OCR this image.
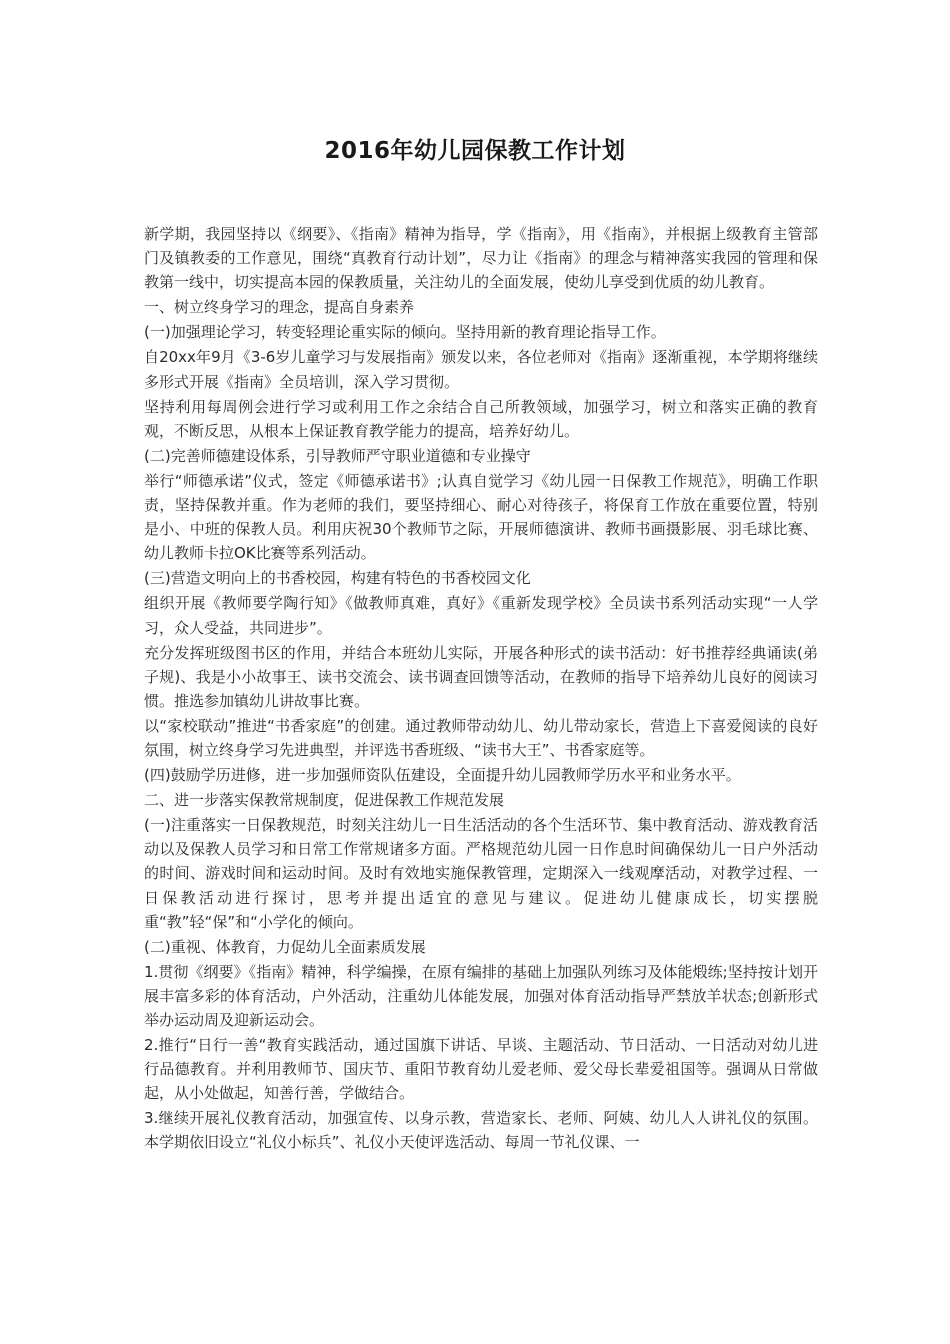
2016年幼儿园保教工作计划

新学期，我园坚持以《纲要》、《指南》精神为指导，学《指南》，用《指南》，并根据上级教育主管部门及镇教委的工作意见，围绕“真教育行动计划”，尽力让《指南》的理念与精神落实我园的管理和保教第一线中，切实提高本园的保教质量，关注幼儿的全面发展，使幼儿享受到优质的幼儿教育。

一、树立终身学习的理念，提高自身素养

(一)加强理论学习，转变轻理论重实际的倾向。坚持用新的教育理论指导工作。

自20xx年9月《3-6岁儿童学习与发展指南》颁发以来，各位老师对《指南》逐渐重视，本学期将继续多形式开展《指南》全员培训，深入学习贯彻。

坚持利用每周例会进行学习或利用工作之余结合自己所教领域，加强学习，树立和落实正确的教育观，不断反思，从根本上保证教育教学能力的提高，培养好幼儿。

(二)完善师德建设体系，引导教师严守职业道德和专业操守

举行“师德承诺”仪式，签定《师德承诺书》;认真自觉学习《幼儿园一日保教工作规范》，明确工作职责，坚持保教并重。作为老师的我们，要坚持细心、耐心对待孩子，将保育工作放在重要位置，特别是小、中班的保教人员。利用庆祝30个教师节之际，开展师德演讲、教师书画摄影展、羽毛球比赛、幼儿教师卡拉OK比赛等系列活动。

(三)营造文明向上的书香校园，构建有特色的书香校园文化

组织开展《教师要学陶行知》《做教师真难，真好》《重新发现学校》全员读书系列活动实现“一人学习，众人受益，共同进步”。

充分发挥班级图书区的作用，并结合本班幼儿实际，开展各种形式的读书活动：好书推荐经典诵读(弟子规)、我是小小故事王、读书交流会、读书调查回馈等活动，在教师的指导下培养幼儿良好的阅读习惯。推选参加镇幼儿讲故事比赛。

以“家校联动”推进“书香家庭”的创建。通过教师带动幼儿、幼儿带动家长，营造上下喜爱阅读的良好氛围，树立终身学习先进典型，并评选书香班级、“读书大王”、书香家庭等。

(四)鼓励学历进修，进一步加强师资队伍建设，全面提升幼儿园教师学历水平和业务水平。

二、进一步落实保教常规制度，促进保教工作规范发展

(一)注重落实一日保教规范，时刻关注幼儿一日生活活动的各个生活环节、集中教育活动、游戏教育活动以及保教人员学习和日常工作常规诸多方面。严格规范幼儿园一日作息时间确保幼儿一日户外活动的时间、游戏时间和运动时间。及时有效地实施保教管理，定期深入一线观摩活动，对教学过程、一日保教活动进行探讨，思考并提出适宜的意见与建议。促进幼儿健康成长，切实摆脱重“教”轻“保”和“小学化的倾向。

(二)重视、体教育，力促幼儿全面素质发展

1.贯彻《纲要》《指南》精神，科学编操，在原有编排的基础上加强队列练习及体能煅练;坚持按计划开展丰富多彩的体育活动，户外活动，注重幼儿体能发展，加强对体育活动指导严禁放羊状态;创新形式举办运动周及迎新运动会。

2.推行“日行一善“教育实践活动，通过国旗下讲话、早谈、主题活动、节日活动、一日活动对幼儿进行品德教育。并利用教师节、国庆节、重阳节教育幼儿爱老师、爱父母长辈爱祖国等。强调从日常做起，从小处做起，知善行善，学做结合。

3.继续开展礼仪教育活动，加强宣传、以身示教，营造家长、老师、阿姨、幼儿人人讲礼仪的氛围。本学期依旧设立“礼仪小标兵”、礼仪小天使评选活动、每周一节礼仪课、一
